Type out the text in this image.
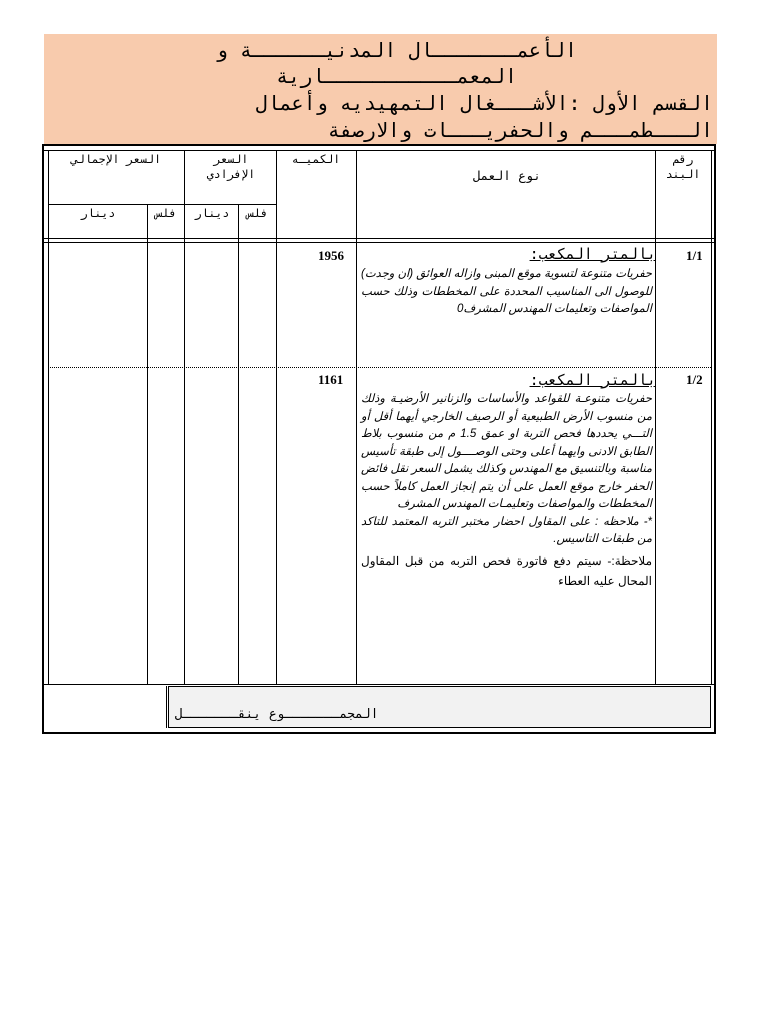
الأعمـــــــال المدنيــــــة و
المعمـــــــــــارية
القسم الأول :الأشـــغال التمهيديه وأعمال
الـــطمـــم والحفريـــات والارصفة
رقم البند
نوع العمل
الكميـه
السعر الإفرادي
السعر الإجمالي
فلس
دينار
فلس
دينار
1/1
1956	بالمتر المكعب:

حفريات متنوعة لتسوية موقع المبنى وازاله العوائق (ان وجدت) للوصول الى المناسيب المحددة على المخططات وذلك حسب المواصفات وتعليمات المهندس المشرف0

1/2
1161	بالمتر المكعب:

حفريات متنوعـة للقواعد والأساسات والزنانير الأرضيـة وذلك من منسوب الأرض الطبيعية أو الرصيف الخارجي أيهما أقل أو التـــي يحددها فحص التربة او عمق 1.5 م من منسوب بلاط الطابق الادنى وايهما أعلى وحتى الوصــــول إلى طبقة تأسيس مناسبة وبالتنسيق مع المهندس وكذلك يشمل السعر نقل فائض الحفر خارج موقع العمل على أن يتم إنجاز العمل كاملاً حسب المخططات والمواصفات وتعليمـات المهندس المشرف

*- ملاحظه : على المقاول احضار مختبر التربه المعتمد للتاكد من طبقات التاسيس.

ملاحظة:- سيتم دفع فاتورة فحص التربه من قبل المقاول المحال عليه العطاء

المجمـــــــوع ينقـــــــل
